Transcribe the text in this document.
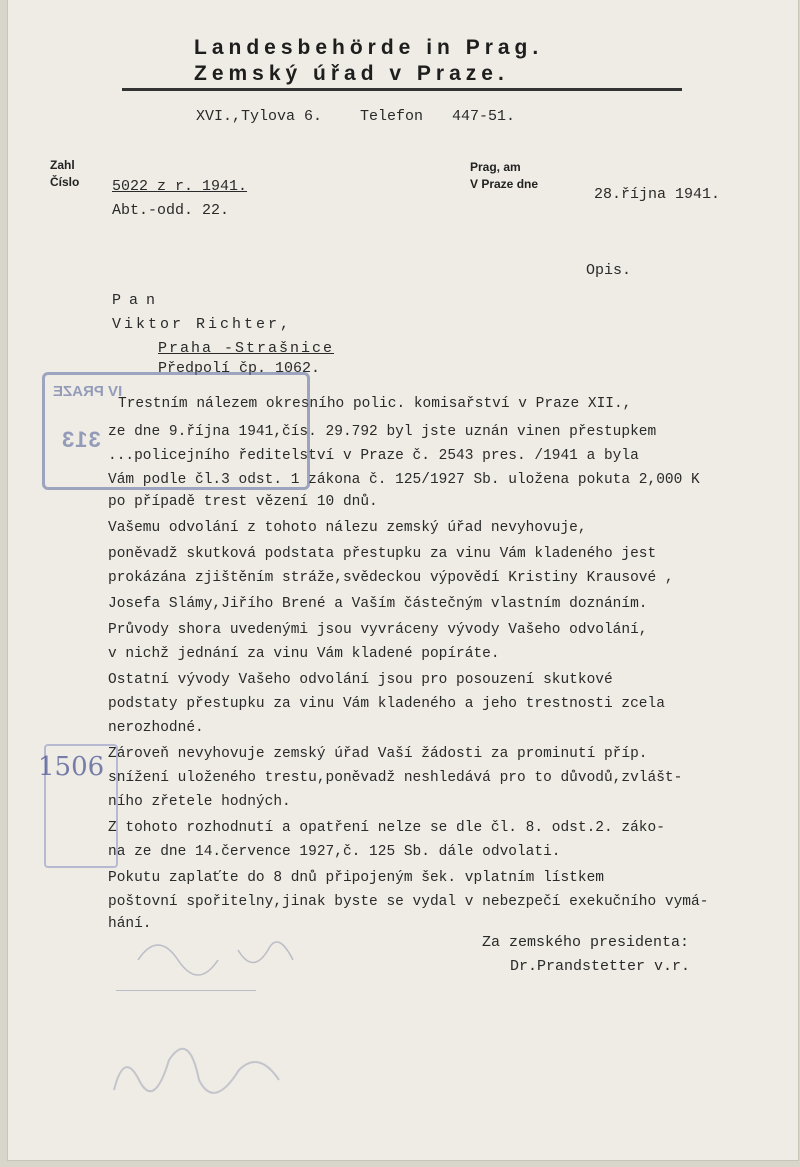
Landesbehörde in Prag.
Zemský úřad v Praze.
XVI.,Tylova 6.	Telefon 447-51.
Zahl
Číslo 5022 z r. 1941.
Abt.-odd. 22.
Prag, am
V Praze dne
28.října 1941.
Opis.
Pan
Viktor Richter,
Praha -Strašnice
Předpolí čp. 1062.
Trestním nálezem okresního polic. komisařství v Praze XII.,
ze dne 9.října 1941,čís. 29.792 byl jste uznán vinen přestupkem
...policejního ředitelství v Praze č. 2543 pres. /1941 a byla
Vám podle čl.3 odst. 1 zákona č. 125/1927 Sb. uložena pokuta 2,000 K
po případě trest vězení 10 dnů.
Vašemu odvolání z tohoto nálezu zemský úřad nevyhovuje,
poněvadž skutková podstata přestupku za vinu Vám kladeného jest
prokázána zjištěním stráže,svědeckou výpovědí Kristiny Krausové ,
Josefa Slámy,Jiřího Brené a Vaším částečným vlastním doznáním.
Průvody shora uvedenými jsou vyvráceny vývody Vašeho odvolání,
v nichž jednání za vinu Vám kladené popíráte.
Ostatní vývody Vašeho odvolání jsou pro posouzení skutkové
podstaty přestupku za vinu Vám kladeného a jeho trestnosti zcela
nerozhodné.
Zároveň nevyhovuje zemský úřad Vaší žádosti za prominutí příp.
snížení uloženého trestu,poněvadž neshledává pro to důvodů,zvlášt-
ního zřetele hodných.
Z tohoto rozhodnutí a opatření nelze se dle čl. 8. odst.2. záko-
na ze dne 14.července 1927,č. 125 Sb. dále odvolati.
Pokutu zaplaťte do 8 dnů připojeným šek. vplatním lístkem
poštovní spořitelny,jinak byste se vydal v nebezpečí exekučního vymá-
hání.
Za zemského presidenta:
Dr.Prandstetter v.r.
IV PRAZE
313
1506
